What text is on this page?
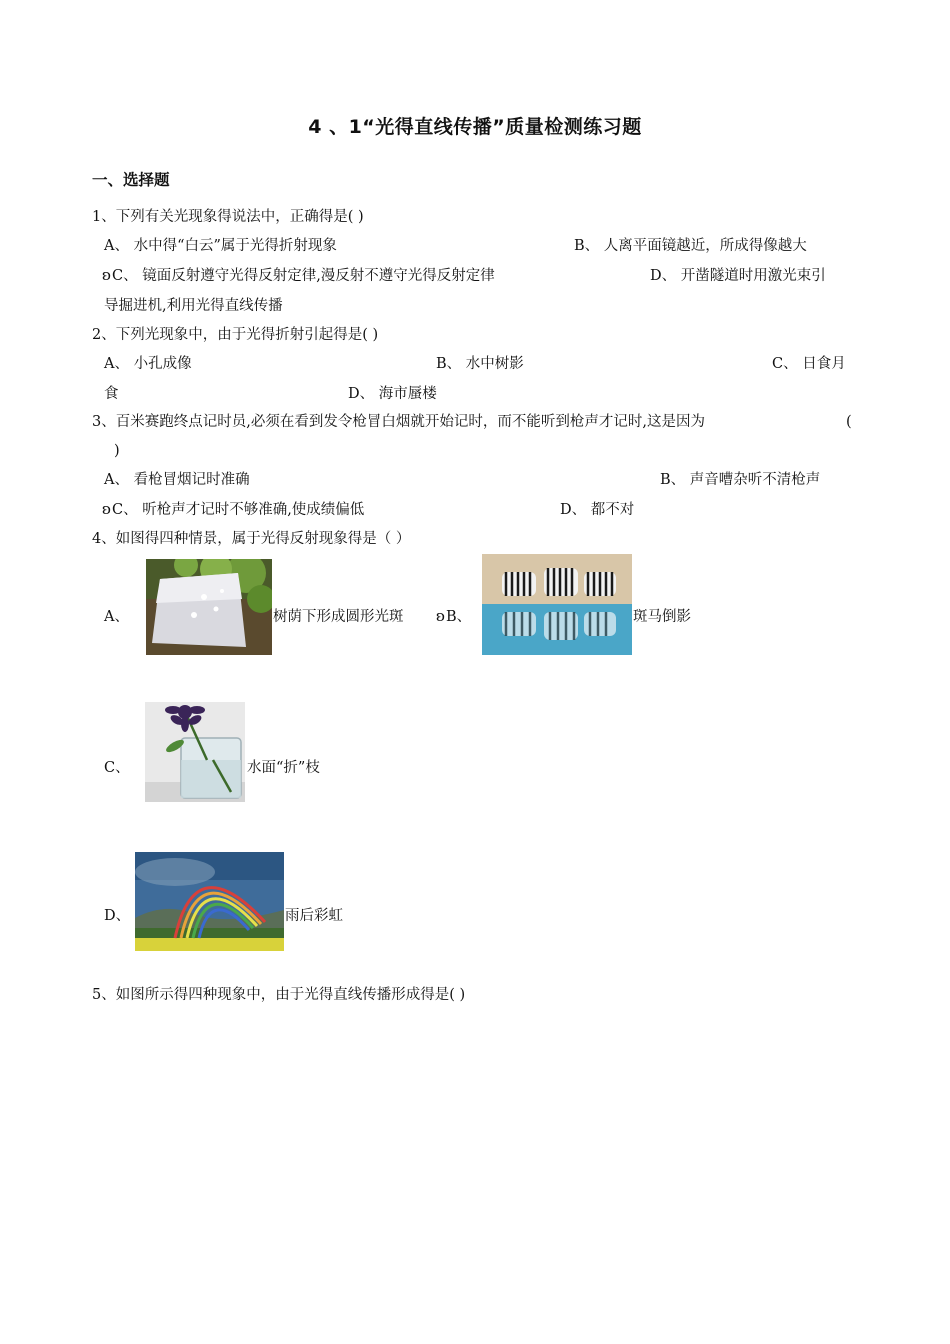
4 、1“光得直线传播”质量检测练习题
一、选择题
1、下列有关光现象得说法中，正确得是( )
A、 水中得“白云”属于光得折射现象	B、 人离平面镜越近，所成得像越大
ʚ C、 镜面反射遵守光得反射定律,漫反射不遵守光得反射定律	D、 开凿隧道时用激光束引
导掘进机,利用光得直线传播
2、下列光现象中，由于光得折射引起得是( )
A、 小孔成像	B、 水中树影	C、 日食月
食	D、 海市蜃楼
3、百米赛跑终点记时员,必须在看到发令枪冒白烟就开始记时，而不能听到枪声才记时,这是因为	(
)
A、 看枪冒烟记时准确	B、 声音嘈杂听不清枪声
ʚ C、 听枪声才记时不够准确,使成绩偏低	D、 都不对
4、如图得四种情景，属于光得反射现象得是（ ）
A、	树荫下形成圆形光斑 ʚ B、	斑马倒影
C、	水面“折”枝
D、	雨后彩虹
5、如图所示得四种现象中，由于光得直线传播形成得是( )
